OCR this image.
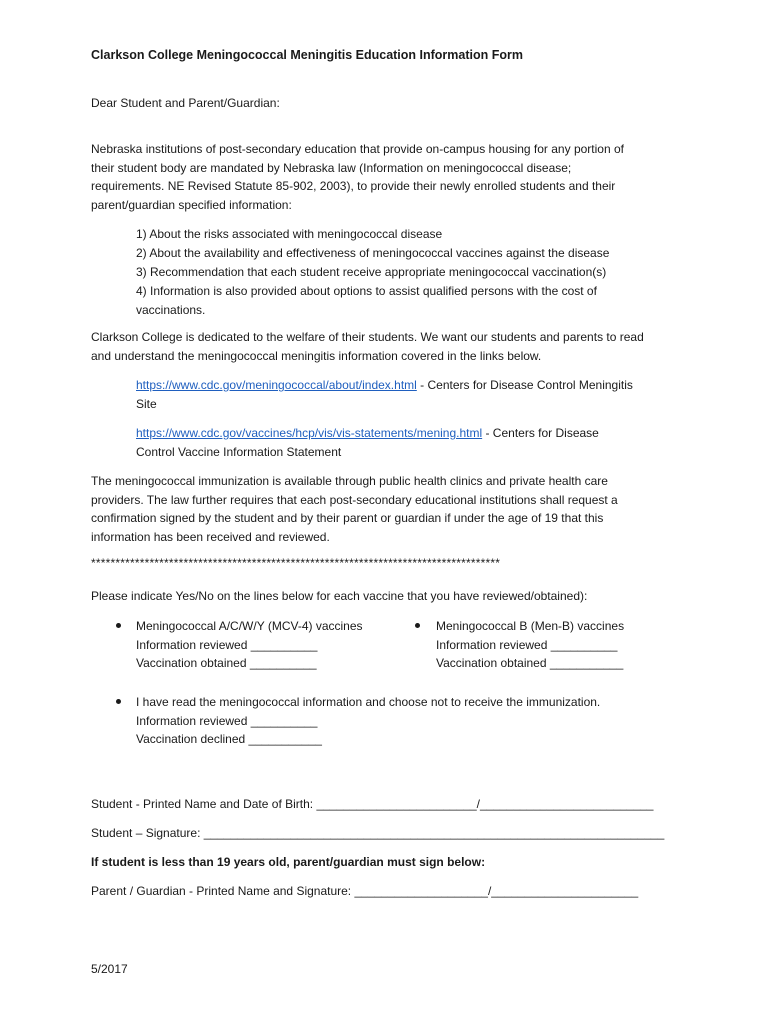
Clarkson College Meningococcal Meningitis Education Information Form
Dear Student and Parent/Guardian:
Nebraska institutions of post-secondary education that provide on-campus housing for any portion of
their student body are mandated by Nebraska law (Information on meningococcal disease;
requirements. NE Revised Statute 85-902, 2003), to provide their newly enrolled students and their
parent/guardian specified information:
1) About the risks associated with meningococcal disease
2) About the availability and effectiveness of meningococcal vaccines against the disease
3) Recommendation that each student receive appropriate meningococcal vaccination(s)
4) Information is also provided about options to assist qualified persons with the cost of
vaccinations.
Clarkson College is dedicated to the welfare of their students. We want our students and parents to read
and understand the meningococcal meningitis information covered in the links below.
https://www.cdc.gov/meningococcal/about/index.html - Centers for Disease Control Meningitis
Site
https://www.cdc.gov/vaccines/hcp/vis/vis-statements/mening.html - Centers for Disease
Control Vaccine Information Statement
The meningococcal immunization is available through public health clinics and private health care
providers. The law further requires that each post-secondary educational institutions shall request a
confirmation signed by the student and by their parent or guardian if under the age of 19 that this
information has been received and reviewed.
************************************************************************************
Please indicate Yes/No on the lines below for each vaccine that you have reviewed/obtained):
Meningococcal A/C/W/Y (MCV-4) vaccines
Information reviewed __________
Vaccination obtained __________
Meningococcal B (Men-B) vaccines
Information reviewed __________
Vaccination obtained ___________
I have read the meningococcal information and choose not to receive the immunization.
Information reviewed __________
Vaccination declined ___________
Student - Printed Name and Date of Birth: ________________________/__________________________
Student – Signature: _____________________________________________________________________
If student is less than 19 years old, parent/guardian must sign below:
Parent / Guardian - Printed Name and Signature: ____________________/______________________
5/2017
